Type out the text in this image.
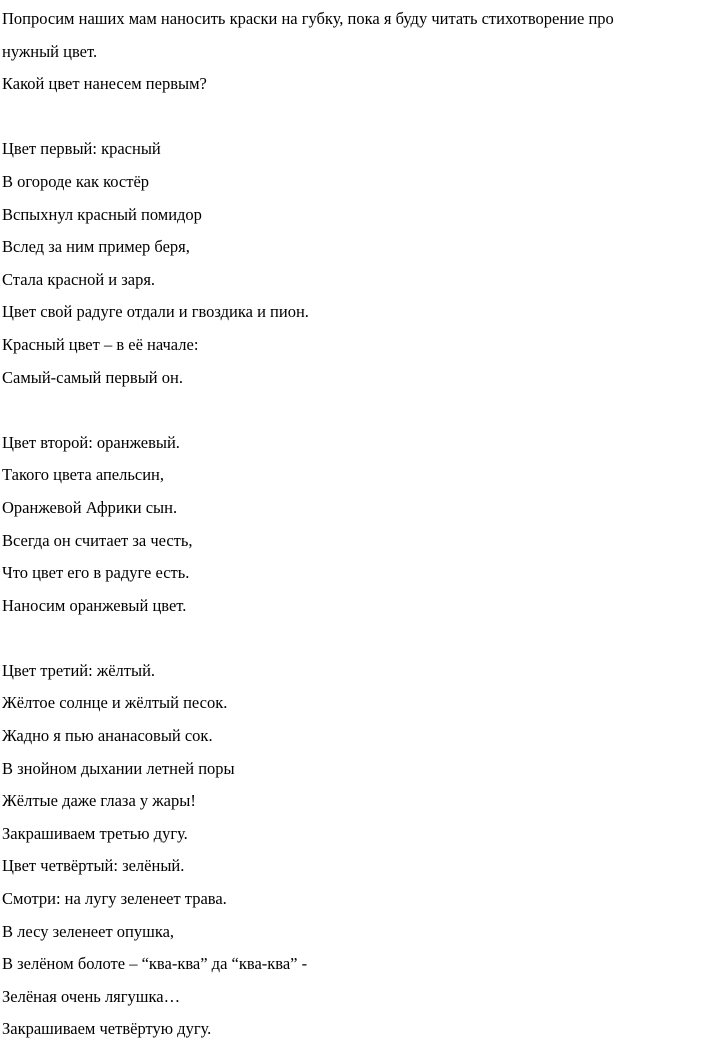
Попросим наших мам наносить краски на губку, пока я буду читать стихотворение про
нужный цвет.
Какой цвет нанесем первым?
Цвет первый: красный
В огороде как костёр
Вспыхнул красный помидор
Вслед за ним пример беря,
Стала красной и заря.
Цвет свой радуге отдали и гвоздика и пион.
Красный цвет – в её начале:
Самый-самый первый он.
Цвет второй: оранжевый.
Такого цвета апельсин,
Оранжевой Африки сын.
Всегда он считает за честь,
Что цвет его в радуге есть.
Наносим оранжевый цвет.
Цвет третий: жёлтый.
Жёлтое солнце и жёлтый песок.
Жадно я пью ананасовый сок.
В знойном дыхании летней поры
Жёлтые даже глаза у жары!
Закрашиваем третью дугу.
Цвет четвёртый: зелёный.
Смотри: на лугу зеленеет трава.
В лесу зеленеет опушка,
В зелёном болоте – “ква-ква” да “ква-ква” -
Зелёная очень лягушка…
Закрашиваем четвёртую дугу.
